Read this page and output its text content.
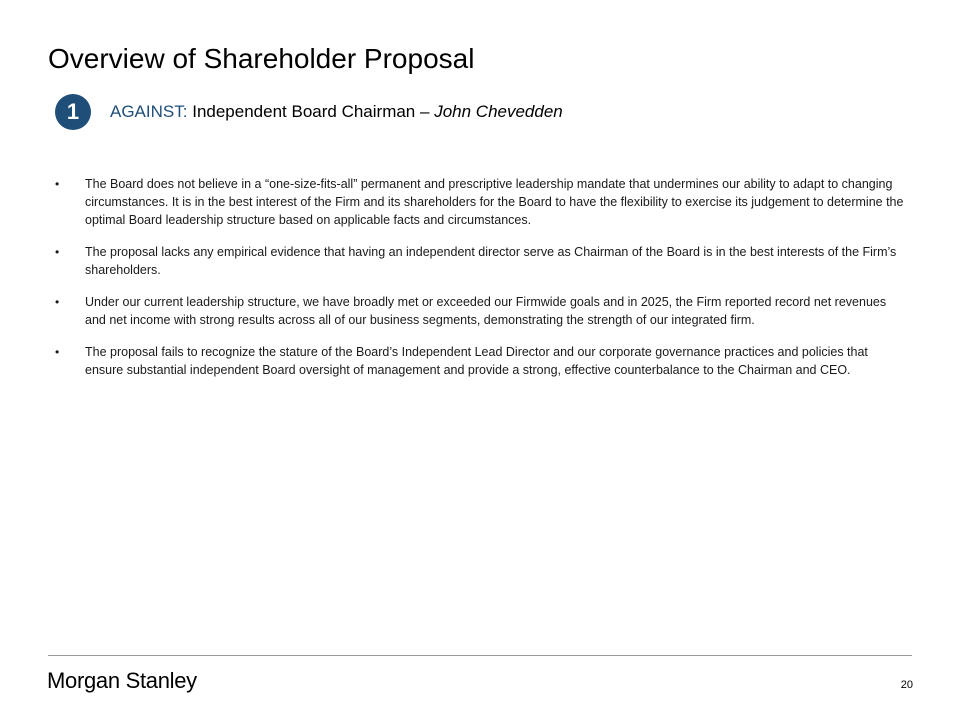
Overview of Shareholder Proposal
1	AGAINST: Independent Board Chairman – John Chevedden
•	The Board does not believe in a “one-size-fits-all” permanent and prescriptive leadership mandate that undermines our ability to adapt to changing circumstances. It is in the best interest of the Firm and its shareholders for the Board to have the flexibility to exercise its judgement to determine the optimal Board leadership structure based on applicable facts and circumstances.
•	The proposal lacks any empirical evidence that having an independent director serve as Chairman of the Board is in the best interests of the Firm’s shareholders.
•	Under our current leadership structure, we have broadly met or exceeded our Firmwide goals and in 2025, the Firm reported record net revenues and net income with strong results across all of our business segments, demonstrating the strength of our integrated firm.
•	The proposal fails to recognize the stature of the Board’s Independent Lead Director and our corporate governance practices and policies that ensure substantial independent Board oversight of management and provide a strong, effective counterbalance to the Chairman and CEO.
Morgan Stanley	20
